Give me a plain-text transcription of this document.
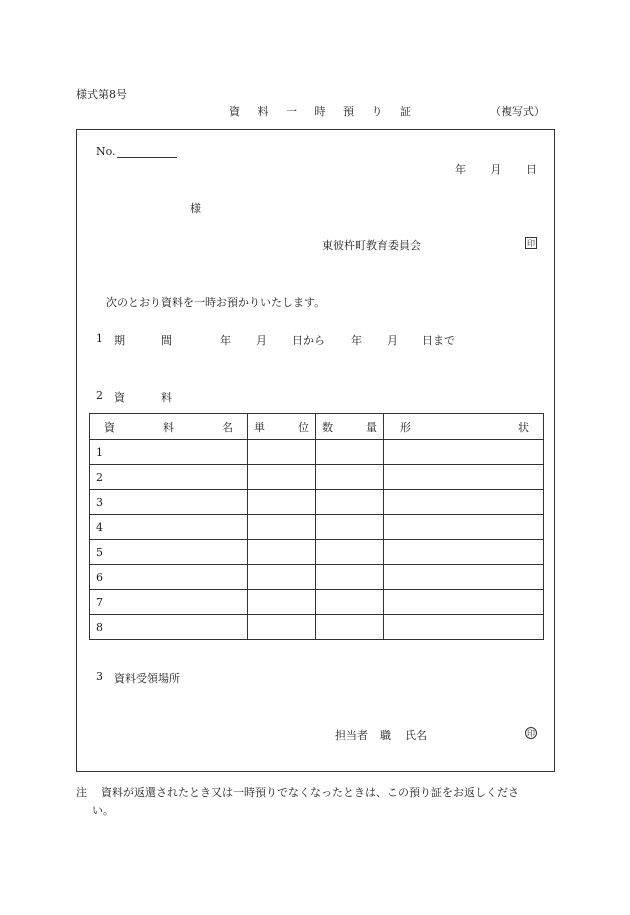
様式第8号
資 料 一 時 預 り 証	（複写式）
No.
年 月 日
様
東彼杵町教育委員会	印
次のとおり資料を一時お預かりいたします。
1 期	間	年 月 日から 年 月 日まで
2 資	料
資 料 名	単 位	数 量	形 状

1			
2			
3			
4			
5			
6			
7			
8			
3 資料受領場所
担当者 職 氏名	印
注 資料が返還されたとき又は一時預りでなくなったときは、この預り証をお返しくださ
い。
